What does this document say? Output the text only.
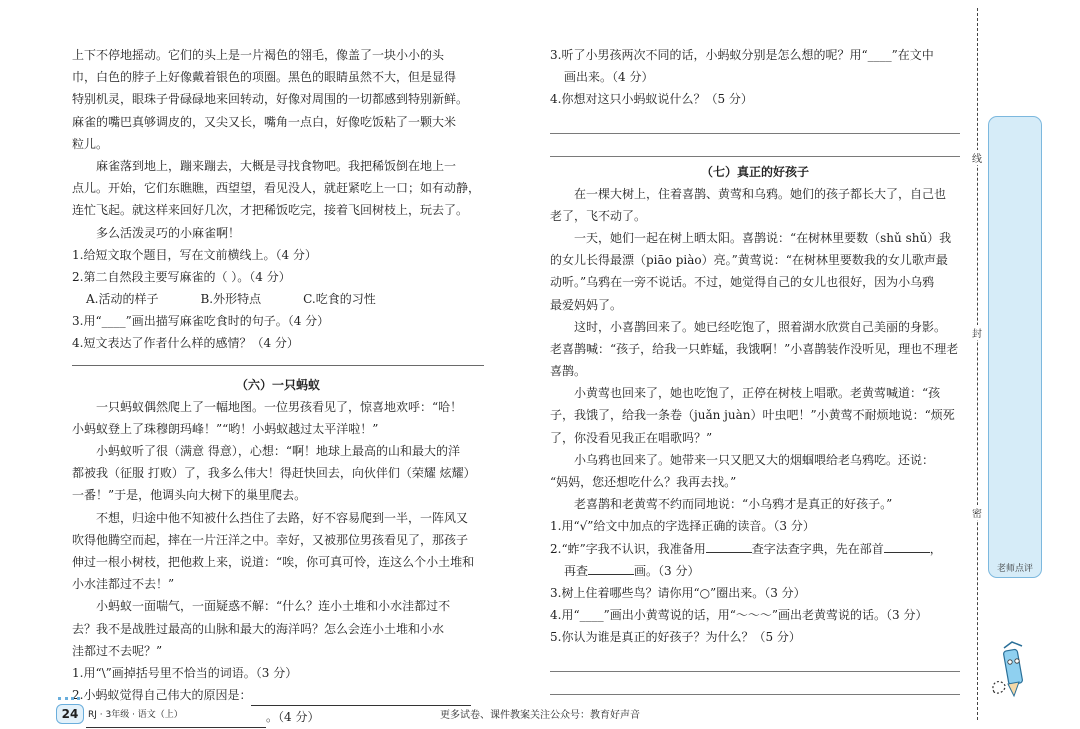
上下不停地摇动。它们的头上是一片褐色的翎毛，像盖了一块小小的头
巾，白色的脖子上好像戴着银色的项圈。黑色的眼睛虽然不大，但是显得
特别机灵，眼珠子骨碌碌地来回转动，好像对周围的一切都感到特别新鲜。
麻雀的嘴巴真够调皮的，又尖又长，嘴角一点白，好像吃饭粘了一颗大米
粒儿。
麻雀落到地上，蹦来蹦去，大概是寻找食物吧。我把稀饭倒在地上一
点儿。开始，它们东瞧瞧，西望望，看见没人，就赶紧吃上一口；如有动静，
连忙飞起。就这样来回好几次，才把稀饭吃完，接着飞回树枝上，玩去了。
多么活泼灵巧的小麻雀啊！
1.给短文取个题目，写在文前横线上。（4 分）
2.第二自然段主要写麻雀的（ ）。（4 分）
A.活动的样子	B.外形特点	C.吃食的习性
3.用“____”画出描写麻雀吃食时的句子。（4 分）
4.短文表达了作者什么样的感情？（4 分）
（六）一只蚂蚁
一只蚂蚁偶然爬上了一幅地图。一位男孩看见了，惊喜地欢呼：“哈！
小蚂蚁登上了珠穆朗玛峰！”“哟！小蚂蚁越过太平洋啦！”
小蚂蚁听了很（满意 得意），心想：“啊！地球上最高的山和最大的洋
都被我（征服 打败）了，我多么伟大！得赶快回去，向伙伴们（荣耀 炫耀）
一番！”于是，他调头向大树下的巢里爬去。
不想，归途中他不知被什么挡住了去路，好不容易爬到一半，一阵风又
吹得他腾空而起，摔在一片汪洋之中。幸好，又被那位男孩看见了，那孩子
伸过一根小树枝，把他救上来，说道：“唉，你可真可怜，连这么个小土堆和
小水洼都过不去！”
小蚂蚁一面喘气，一面疑惑不解：“什么？连小土堆和小水洼都过不
去？我不是战胜过最高的山脉和最大的海洋吗？怎么会连小土堆和小水
洼都过不去呢？”
1.用“\”画掉括号里不恰当的词语。（3 分）
2.小蚂蚁觉得自己伟大的原因是：
。（4 分）
3.听了小男孩两次不同的话，小蚂蚁分别是怎么想的呢？用“____”在文中
画出来。（4 分）
4.你想对这只小蚂蚁说什么？（5 分）
（七）真正的好孩子
在一棵大树上，住着喜鹊、黄莺和乌鸦。她们的孩子都长大了，自己也
老了，飞不动了。
一天，她们一起在树上晒太阳。喜鹊说：“在树林里要数（shǔ shǔ）我
的女儿长得最漂（piāo piào）亮。”黄莺说：“在树林里要数我的女儿歌声最
动听。”乌鸦在一旁不说话。不过，她觉得自己的女儿也很好，因为小乌鸦
最爱妈妈了。
这时，小喜鹊回来了。她已经吃饱了，照着湖水欣赏自己美丽的身影。
老喜鹊喊：“孩子，给我一只蚱蜢，我饿啊！”小喜鹊装作没听见，理也不理老
喜鹊。
小黄莺也回来了，她也吃饱了，正停在树枝上唱歌。老黄莺喊道：“孩
子，我饿了，给我一条卷（juǎn juàn）叶虫吧！”小黄莺不耐烦地说：“烦死
了，你没看见我正在唱歌吗？”
小乌鸦也回来了。她带来一只又肥又大的烟蝈喂给老乌鸦吃。还说：
“妈妈，您还想吃什么？我再去找。”
老喜鹊和老黄莺不约而同地说：“小乌鸦才是真正的好孩子。”
1.用“√”给文中加点的字选择正确的读音。（3 分）
2.“蚱”字我不认识，我准备用	查字法查字典，先在部首	，
再查	画。（3 分）
3.树上住着哪些鸟？请你用“○”圈出来。（3 分）
4.用“____”画出小黄莺说的话，用“～～～”画出老黄莺说的话。（3 分）
5.你认为谁是真正的好孩子？为什么？（5 分）
线
封
密
老师点评
24	RJ · 3年级 · 语文（上）	更多试卷、课件教案关注公众号：教育好声音
